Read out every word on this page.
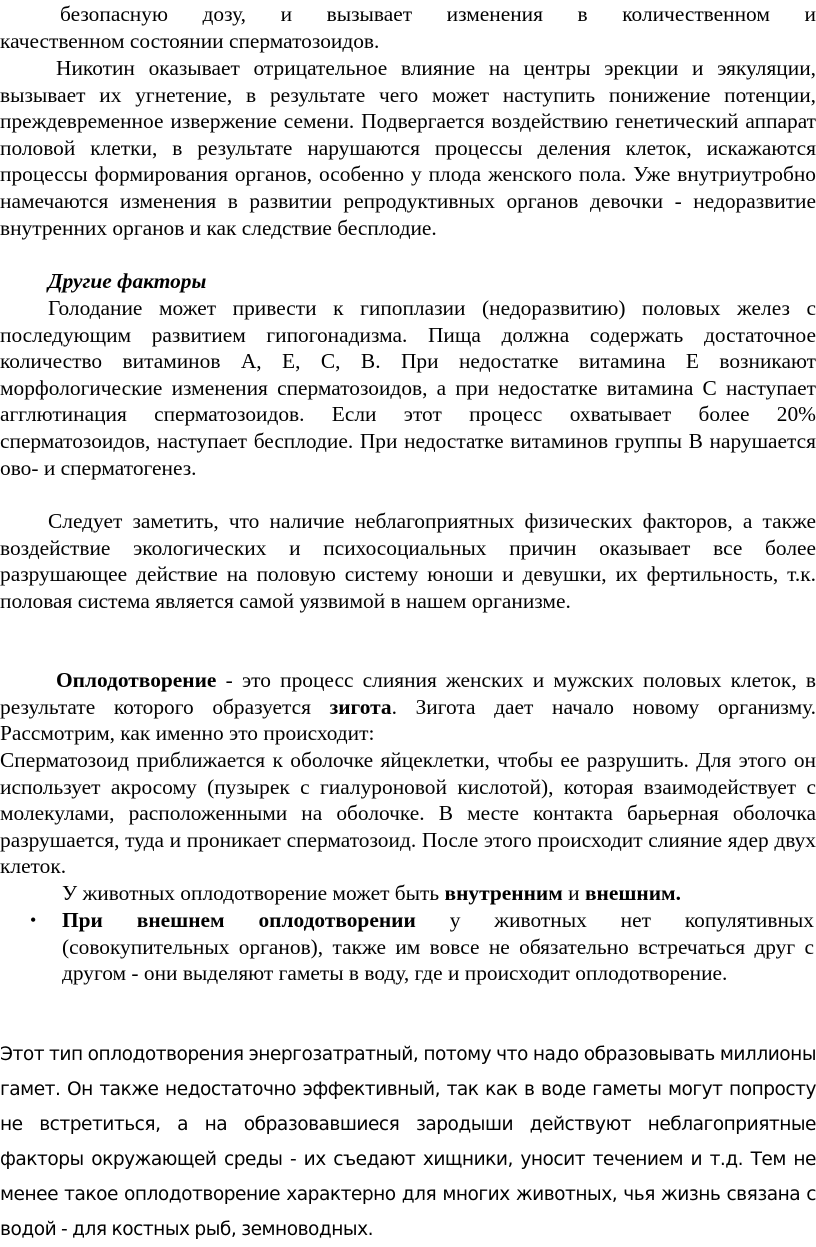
безопасную дозу, и вызывает изменения в количественном и
качественном состоянии сперматозоидов.

Никотин оказывает отрицательное влияние на центры эрекции и эякуляции, вызывает их угнетение, в результате чего может наступить понижение потенции, преждевременное извержение семени. Подвергается воздействию генетический аппарат половой клетки, в результате нарушаются процессы деления клеток, искажаются процессы формирования органов, особенно у плода женского пола. Уже внутриутробно намечаются изменения в развитии репродуктивных органов девочки - недоразвитие внутренних органов и как следствие бесплодие.

Другие факторы

Голодание может привести к гипоплазии (недоразвитию) половых желез с последующим развитием гипогонадизма. Пища должна содержать достаточное количество витаминов А, Е, С, В. При недостатке витамина Е возникают морфологические изменения сперматозоидов, а при недостатке витамина С наступает агглютинация сперматозоидов. Если этот процесс охватывает более 20% сперматозоидов, наступает бесплодие. При недостатке витаминов группы В нарушается ово- и сперматогенез.

Следует заметить, что наличие неблагоприятных физических факторов, а также воздействие экологических и психосоциальных причин оказывает все более разрушающее действие на половую систему юноши и девушки, их фертильность, т.к. половая система является самой уязвимой в нашем организме.

Оплодотворение - это процесс слияния женских и мужских половых клеток, в результате которого образуется зигота. Зигота дает начало новому организму. Рассмотрим, как именно это происходит:

Сперматозоид приближается к оболочке яйцеклетки, чтобы ее разрушить. Для этого он использует акросому (пузырек с гиалуроновой кислотой), которая взаимодействует с молекулами, расположенными на оболочке. В месте контакта барьерная оболочка разрушается, туда и проникает сперматозоид. После этого происходит слияние ядер двух клеток.

У животных оплодотворение может быть внутренним и внешним.

• При внешнем оплодотворении у животных нет копулятивных (совокупительных органов), также им вовсе не обязательно встречаться друг с другом - они выделяют гаметы в воду, где и происходит оплодотворение.

Этот тип оплодотворения энергозатратный, потому что надо образовывать миллионы гамет. Он также недостаточно эффективный, так как в воде гаметы могут попросту не встретиться, а на образовавшиеся зародыши действуют неблагоприятные факторы окружающей среды - их съедают хищники, уносит течением и т.д. Тем не менее такое оплодотворение характерно для многих животных, чья жизнь связана с водой - для костных рыб, земноводных.
